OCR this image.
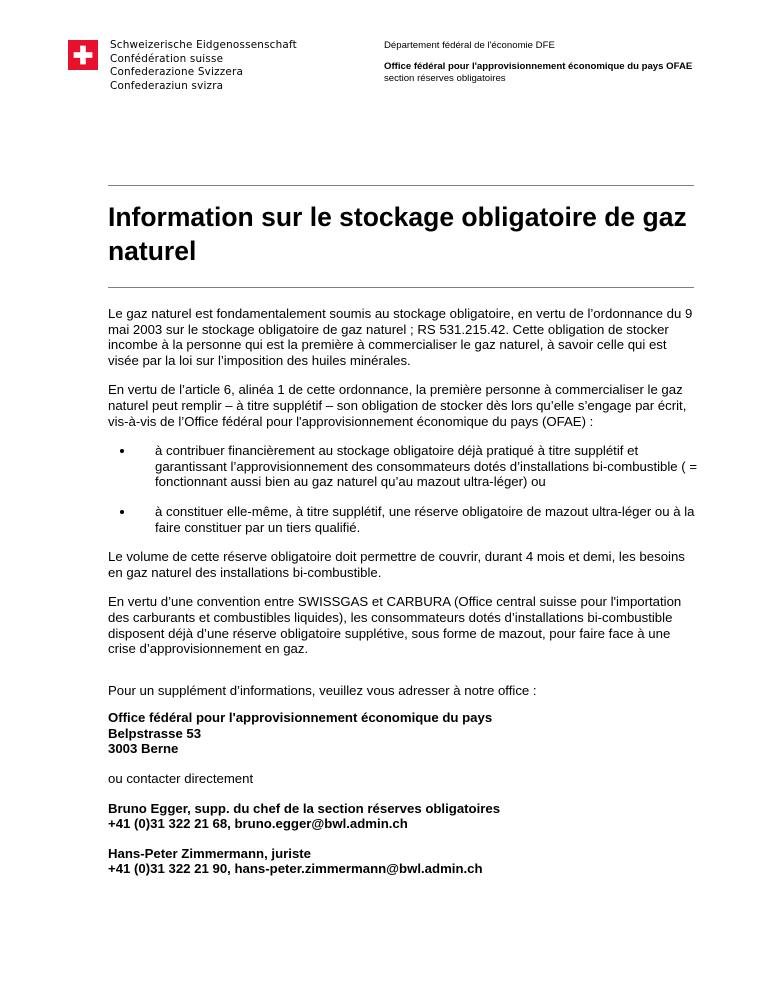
Schweizerische Eidgenossenschaft
Confédération suisse
Confederazione Svizzera
Confederaziun svizra
Département fédéral de l'économie DFE
Office fédéral pour l'approvisionnement économique du pays OFAE
section réserves obligatoires
Information sur le stockage obligatoire de gaz naturel

Le gaz naturel est fondamentalement soumis au stockage obligatoire, en vertu de l’ordonnance du 9 mai 2003 sur le stockage obligatoire de gaz naturel ; RS 531.215.42. Cette obligation de stocker incombe à la personne qui est la première à commercialiser le gaz naturel, à savoir celle qui est visée par la loi sur l’imposition des huiles minérales.

En vertu de l’article 6, alinéa 1 de cette ordonnance, la première personne à commercialiser le gaz naturel peut remplir – à titre supplétif – son obligation de stocker dès lors qu’elle s’engage par écrit, vis-à-vis de l’Office fédéral pour l'approvisionnement économique du pays (OFAE) :

à contribuer financièrement au stockage obligatoire déjà pratiqué à titre supplétif et garantissant l’approvisionnement des consommateurs dotés d’installations bi-combustible ( = fonctionnant aussi bien au gaz naturel qu’au mazout ultra-léger) ou
à constituer elle-même, à titre supplétif, une réserve obligatoire de mazout ultra-léger ou à la faire constituer par un tiers qualifié.

Le volume de cette réserve obligatoire doit permettre de couvrir, durant 4 mois et demi, les besoins en gaz naturel des installations bi-combustible.

En vertu d’une convention entre SWISSGAS et CARBURA (Office central suisse pour l'importation des carburants et combustibles liquides), les consommateurs dotés d’installations bi-combustible disposent déjà d’une réserve obligatoire supplétive, sous forme de mazout, pour faire face à une crise d’approvisionnement en gaz.

Pour un supplément d’informations, veuillez vous adresser à notre office :

Office fédéral pour l'approvisionnement économique du pays
Belpstrasse 53
3003 Berne

ou contacter directement

Bruno Egger, supp. du chef de la section réserves obligatoires
+41 (0)31 322 21 68, bruno.egger@bwl.admin.ch

Hans-Peter Zimmermann, juriste
+41 (0)31 322 21 90, hans-peter.zimmermann@bwl.admin.ch
